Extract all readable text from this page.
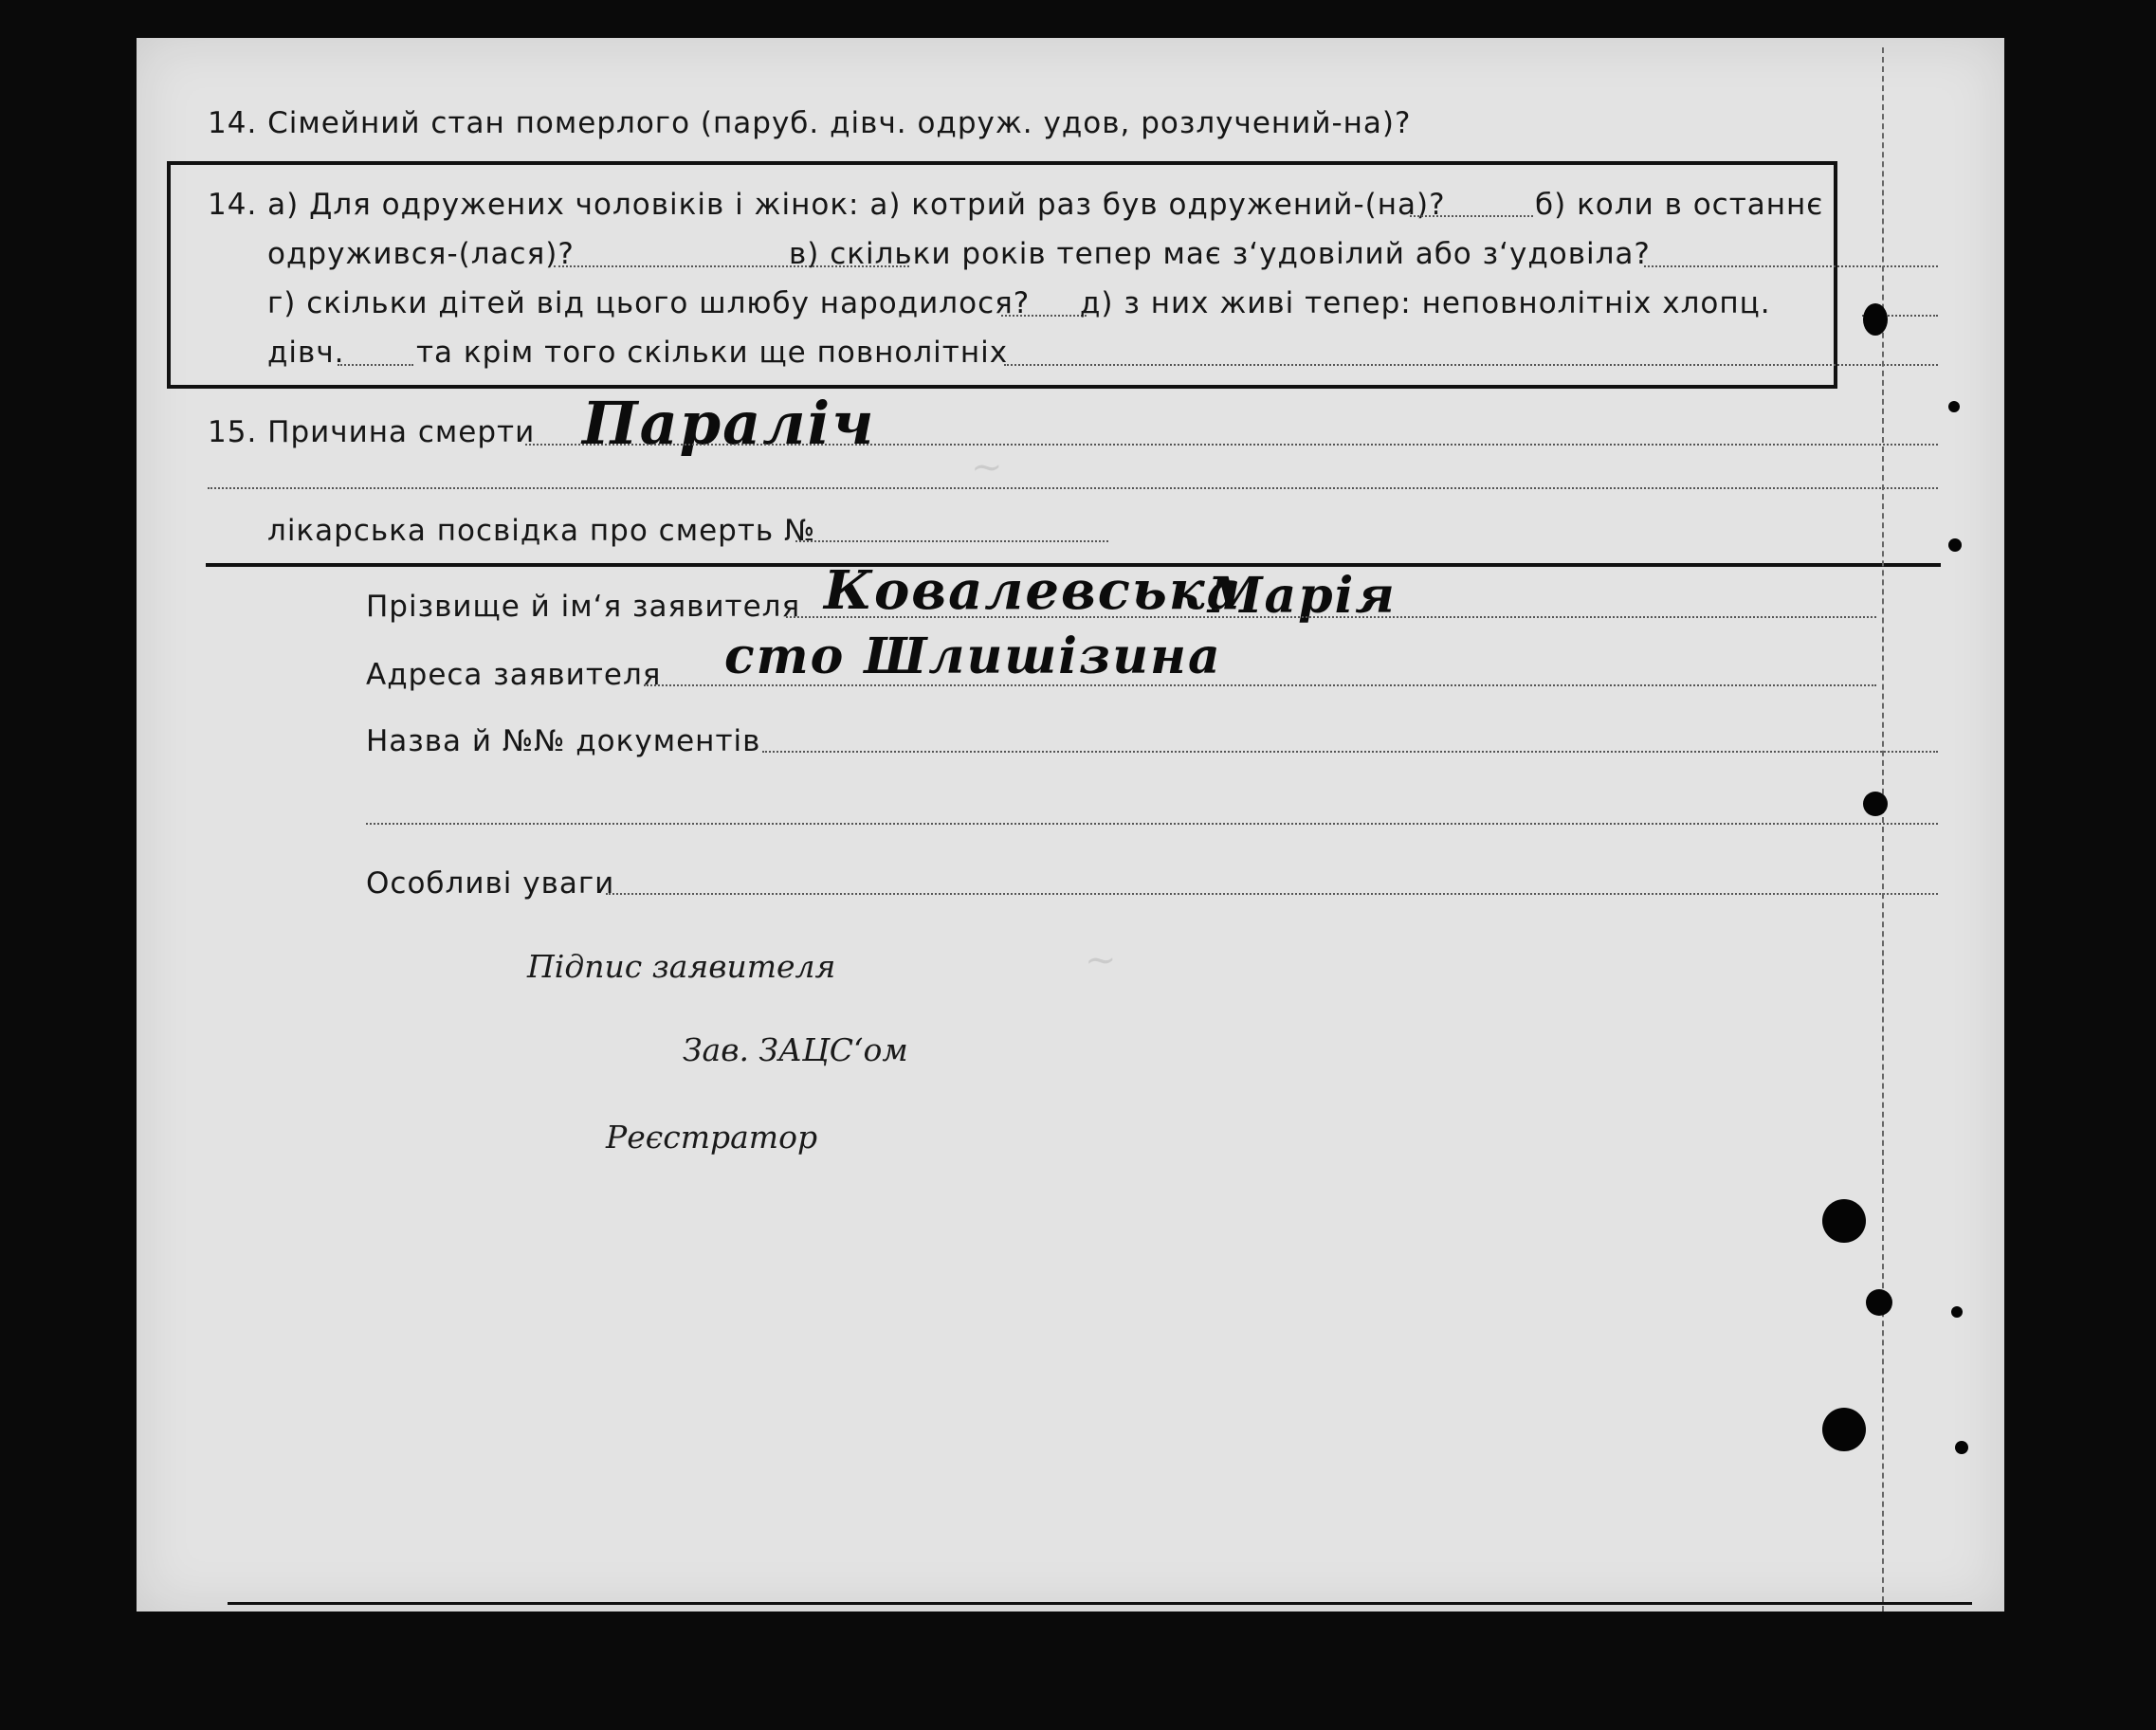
~
~
14. Сімейний стан померлого (паруб. дівч. одруж. удов, розлучений-на)?
14. а) Для одружених чоловіків і жінок: а) котрий раз був одружений-(на)?	б) коли в останнє
одружився-(лася)?	в) скільки років тепер має з‘удовілий або з‘удовіла?
г) скільки дітей від цього шлюбу народилося? д) з них живі тепер: неповнолітніх хлопц.
дівч. та крім того скільки ще повнолітніх
15. Причина смерти Параліч
лікарська посвідка про смерть №
Прізвище й ім‘я заявителя Ковалевська
Марія
Адреса заявителя сто Шлишізина
Назва й №№ документів
Особливі уваги
Підпис заявителя
Зав. ЗАЦС‘ом
Реєстратор
